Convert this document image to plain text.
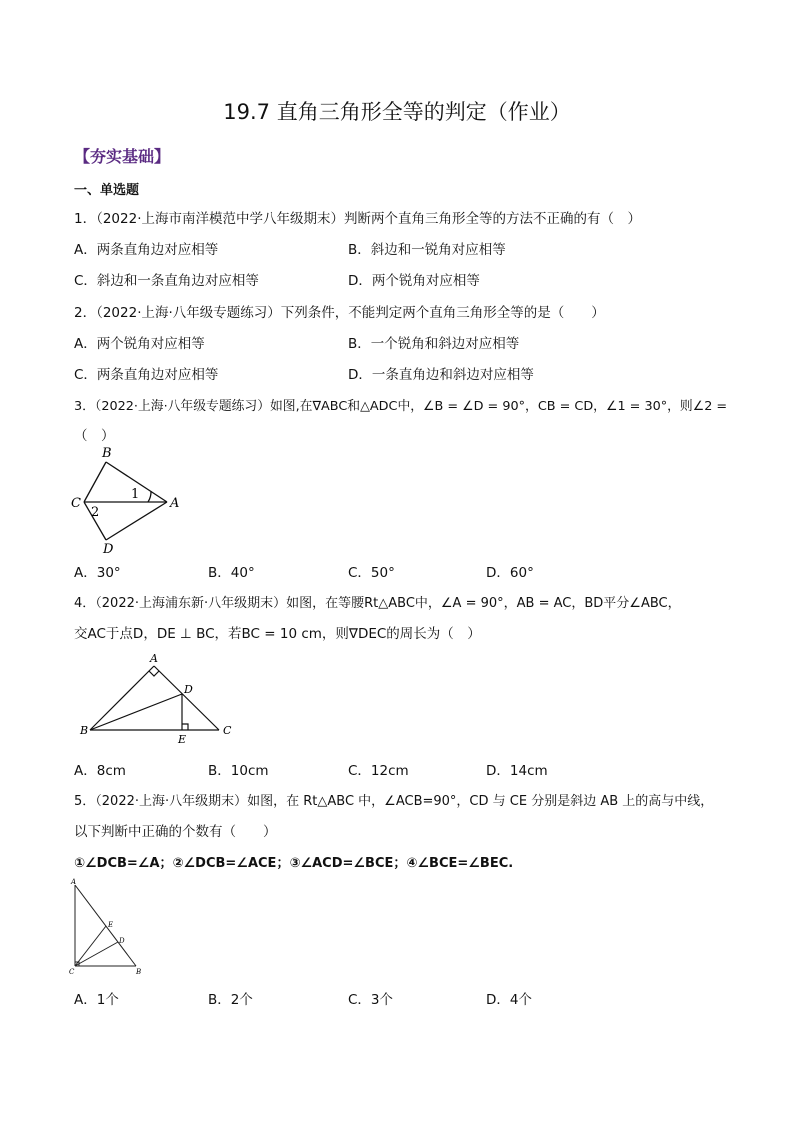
19.7 直角三角形全等的判定（作业）
【夯实基础】
一、单选题
1．（2022·上海市南洋模范中学八年级期末）判断两个直角三角形全等的方法不正确的有（　）
A．两条直角边对应相等	B．斜边和一锐角对应相等
C．斜边和一条直角边对应相等	D．两个锐角对应相等
2．（2022·上海·八年级专题练习）下列条件，不能判定两个直角三角形全等的是（　　）
A．两个锐角对应相等	B．一个锐角和斜边对应相等
C．两条直角边对应相等	D．一条直角边和斜边对应相等
3．（2022·上海·八年级专题练习）如图,在∇ABC和△ADC中，∠B = ∠D = 90°，CB = CD，∠1 = 30°，则∠2 =
（　）
B
C	A
D
1
2
A．30°	B．40°	C．50°	D．60°
4．（2022·上海浦东新·八年级期末）如图，在等腰Rt△ABC中，∠A = 90°，AB = AC，BD平分∠ABC，
交AC于点D，DE ⊥ BC，若BC = 10 cm，则∇DEC的周长为（　）
A
B	C
D
E
A．8cm	B．10cm	C．12cm	D．14cm
5．（2022·上海·八年级期末）如图，在 Rt△ABC 中，∠ACB=90°，CD 与 CE 分别是斜边 AB 上的高与中线，
以下判断中正确的个数有（　　）
①∠DCB=∠A；②∠DCB=∠ACE；③∠ACD=∠BCE；④∠BCE=∠BEC.
A
C	B
E
D
A．1个	B．2个	C．3个	D．4个
